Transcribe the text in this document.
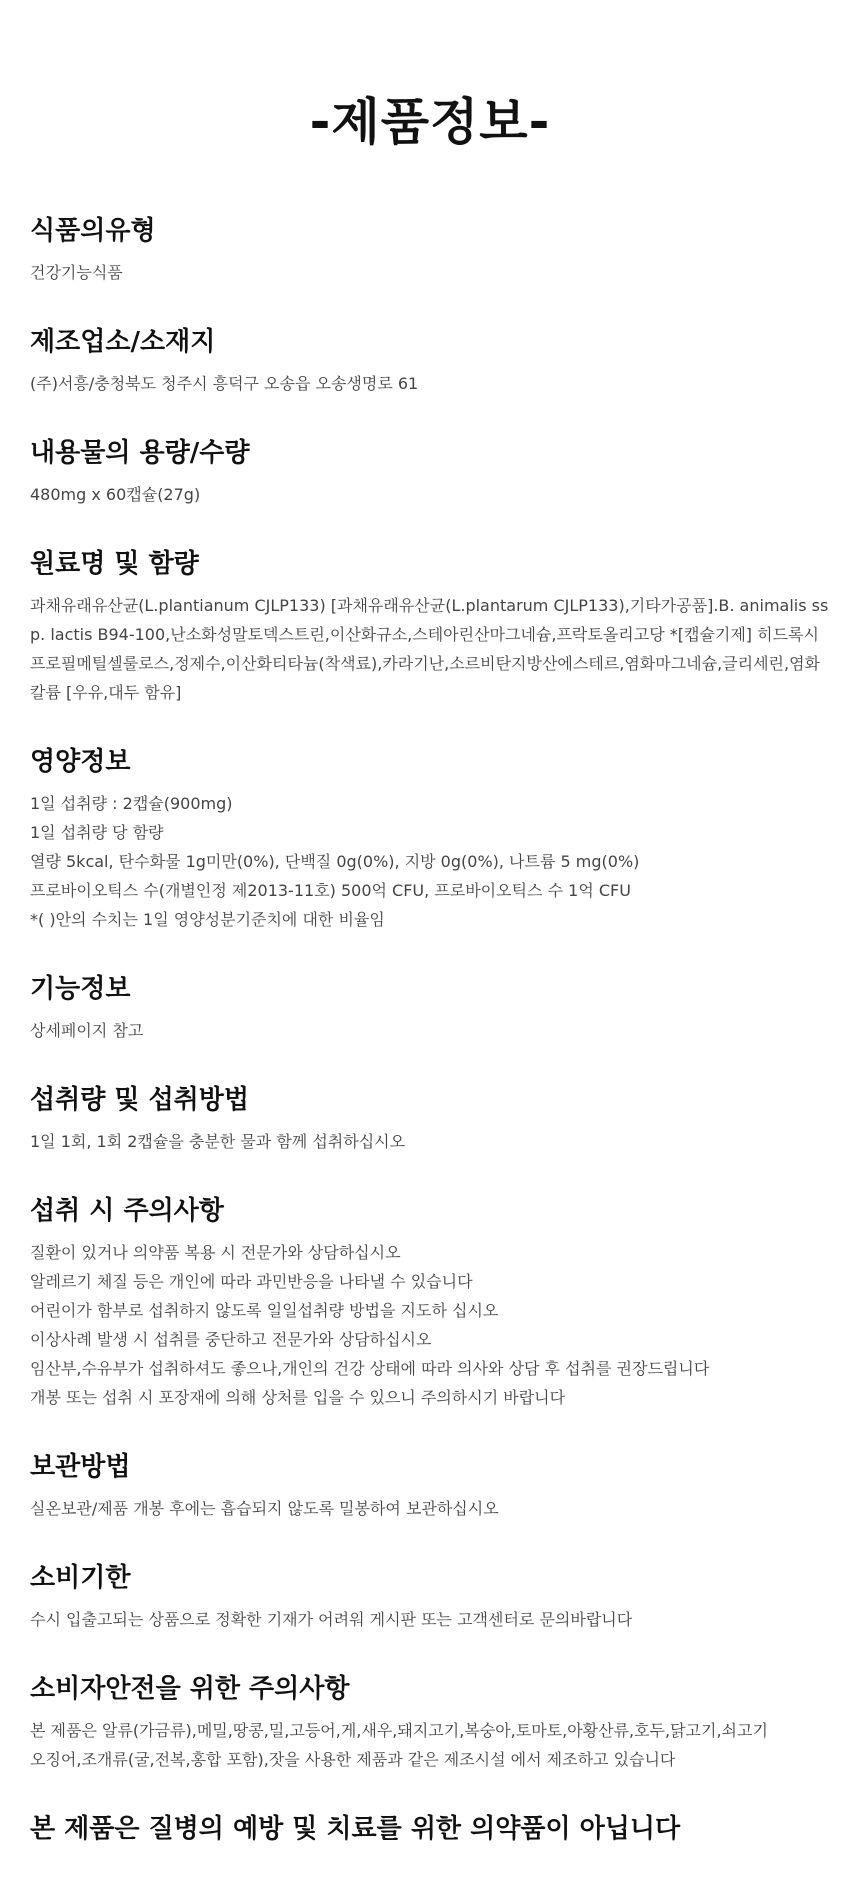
-제품정보-
식품의유형

건강기능식품

제조업소/소재지

(주)서흥/충청북도 청주시 흥덕구 오송읍 오송생명로 61

내용물의 용량/수량

480mg x 60캡슐(27g)

원료명 및 함량

과채유래유산균(L.plantianum CJLP133) [과채유래유산균(L.plantarum CJLP133),기타가공품].B. animalis ssp. lactis B94-100,난소화성말토덱스트린,이산화규소,스테아린산마그네슘,프락토올리고당 *[캡슐기제] 히드록시프로필메틸셀룰로스,정제수,이산화티타늄(착색료),카라기난,소르비탄지방산에스테르,염화마그네슘,글리세린,염화칼륨 [우유,대두 함유]

영양정보

1일 섭취량 : 2캡슐(900mg)

1일 섭취량 당 함량

열량 5kcal, 탄수화물 1g미만(0%), 단백질 0g(0%), 지방 0g(0%), 나트륨 5 mg(0%)

프로바이오틱스 수(개별인정 제2013-11호) 500억 CFU, 프로바이오틱스 수 1억 CFU

*( )안의 수치는 1일 영양성분기준치에 대한 비율임

기능정보

상세페이지 참고

섭취량 및 섭취방법

1일 1회, 1회 2캡슐을 충분한 물과 함께 섭취하십시오

섭취 시 주의사항

질환이 있거나 의약품 복용 시 전문가와 상담하십시오

알레르기 체질 등은 개인에 따라 과민반응을 나타낼 수 있습니다

어린이가 함부로 섭취하지 않도록 일일섭취량 방법을 지도하 십시오

이상사례 발생 시 섭취를 중단하고 전문가와 상담하십시오

임산부,수유부가 섭취하셔도 좋으나,개인의 건강 상태에 따라 의사와 상담 후 섭취를 권장드립니다

개봉 또는 섭취 시 포장재에 의해 상처를 입을 수 있으니 주의하시기 바랍니다

보관방법

실온보관/제품 개봉 후에는 흡습되지 않도록 밀봉하여 보관하십시오

소비기한

수시 입출고되는 상품으로 정확한 기재가 어려워 게시판 또는 고객센터로 문의바랍니다

소비자안전을 위한 주의사항

본 제품은 알류(가금류),메밀,땅콩,밀,고등어,게,새우,돼지고기,복숭아,토마토,아황산류,호두,닭고기,쇠고기

오징어,조개류(굴,전복,홍합 포함),잣을 사용한 제품과 같은 제조시설 에서 제조하고 있습니다

본 제품은 질병의 예방 및 치료를 위한 의약품이 아닙니다
